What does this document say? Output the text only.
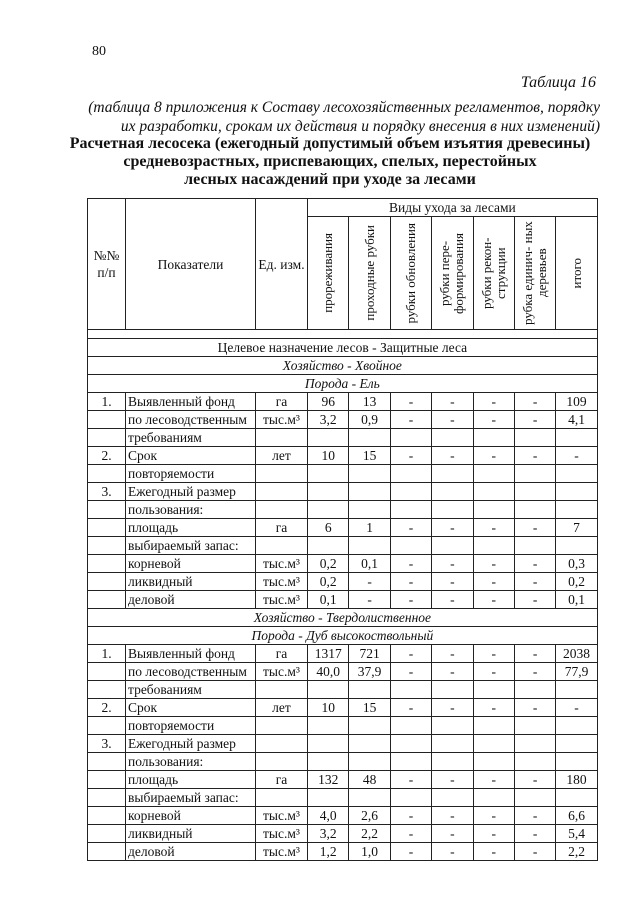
80
Таблица 16
(таблица 8 приложения к Составу лесохозяйственных регламентов, порядку
их разработки, срокам их действия и порядку внесения в них изменений)
Расчетная лесосека (ежегодный допустимый объем изъятия древесины)
средневозрастных, приспевающих, спелых, перестойных
лесных насаждений при уходе за лесами
№№ п/п	Показатели	Ед. изм.	Виды ухода за лесами						

			прореживания	проходные рубки	рубки обновления	рубки пере- формирования	рубки рекон- струкции	рубка единич- ных деревьев	итого

Целевое назначение лесов - Защитные леса									
Хозяйство - Хвойное									
Порода - Ель									
1.	Выявленный фонд	га	96	13	-	-	-	-	109
	по лесоводственным	тыс.м³	3,2	0,9	-	-	-	-	4,1
	требованиям								
2.	Срок	лет	10	15	-	-	-	-	-
	повторяемости								
3.	Ежегодный размер								
	пользования:								
	площадь	га	6	1	-	-	-	-	7
	выбираемый запас:								
	корневой	тыс.м³	0,2	0,1	-	-	-	-	0,3
	ликвидный	тыс.м³	0,2	-	-	-	-	-	0,2
	деловой	тыс.м³	0,1	-	-	-	-	-	0,1
Хозяйство - Твердолиственное									
Порода - Дуб высокоствольный									
1.	Выявленный фонд	га	1317	721	-	-	-	-	2038
	по лесоводственным	тыс.м³	40,0	37,9	-	-	-	-	77,9
	требованиям								
2.	Срок	лет	10	15	-	-	-	-	-
	повторяемости								
3.	Ежегодный размер								
	пользования:								
	площадь	га	132	48	-	-	-	-	180
	выбираемый запас:								
	корневой	тыс.м³	4,0	2,6	-	-	-	-	6,6
	ликвидный	тыс.м³	3,2	2,2	-	-	-	-	5,4
	деловой	тыс.м³	1,2	1,0	-	-	-	-	2,2
